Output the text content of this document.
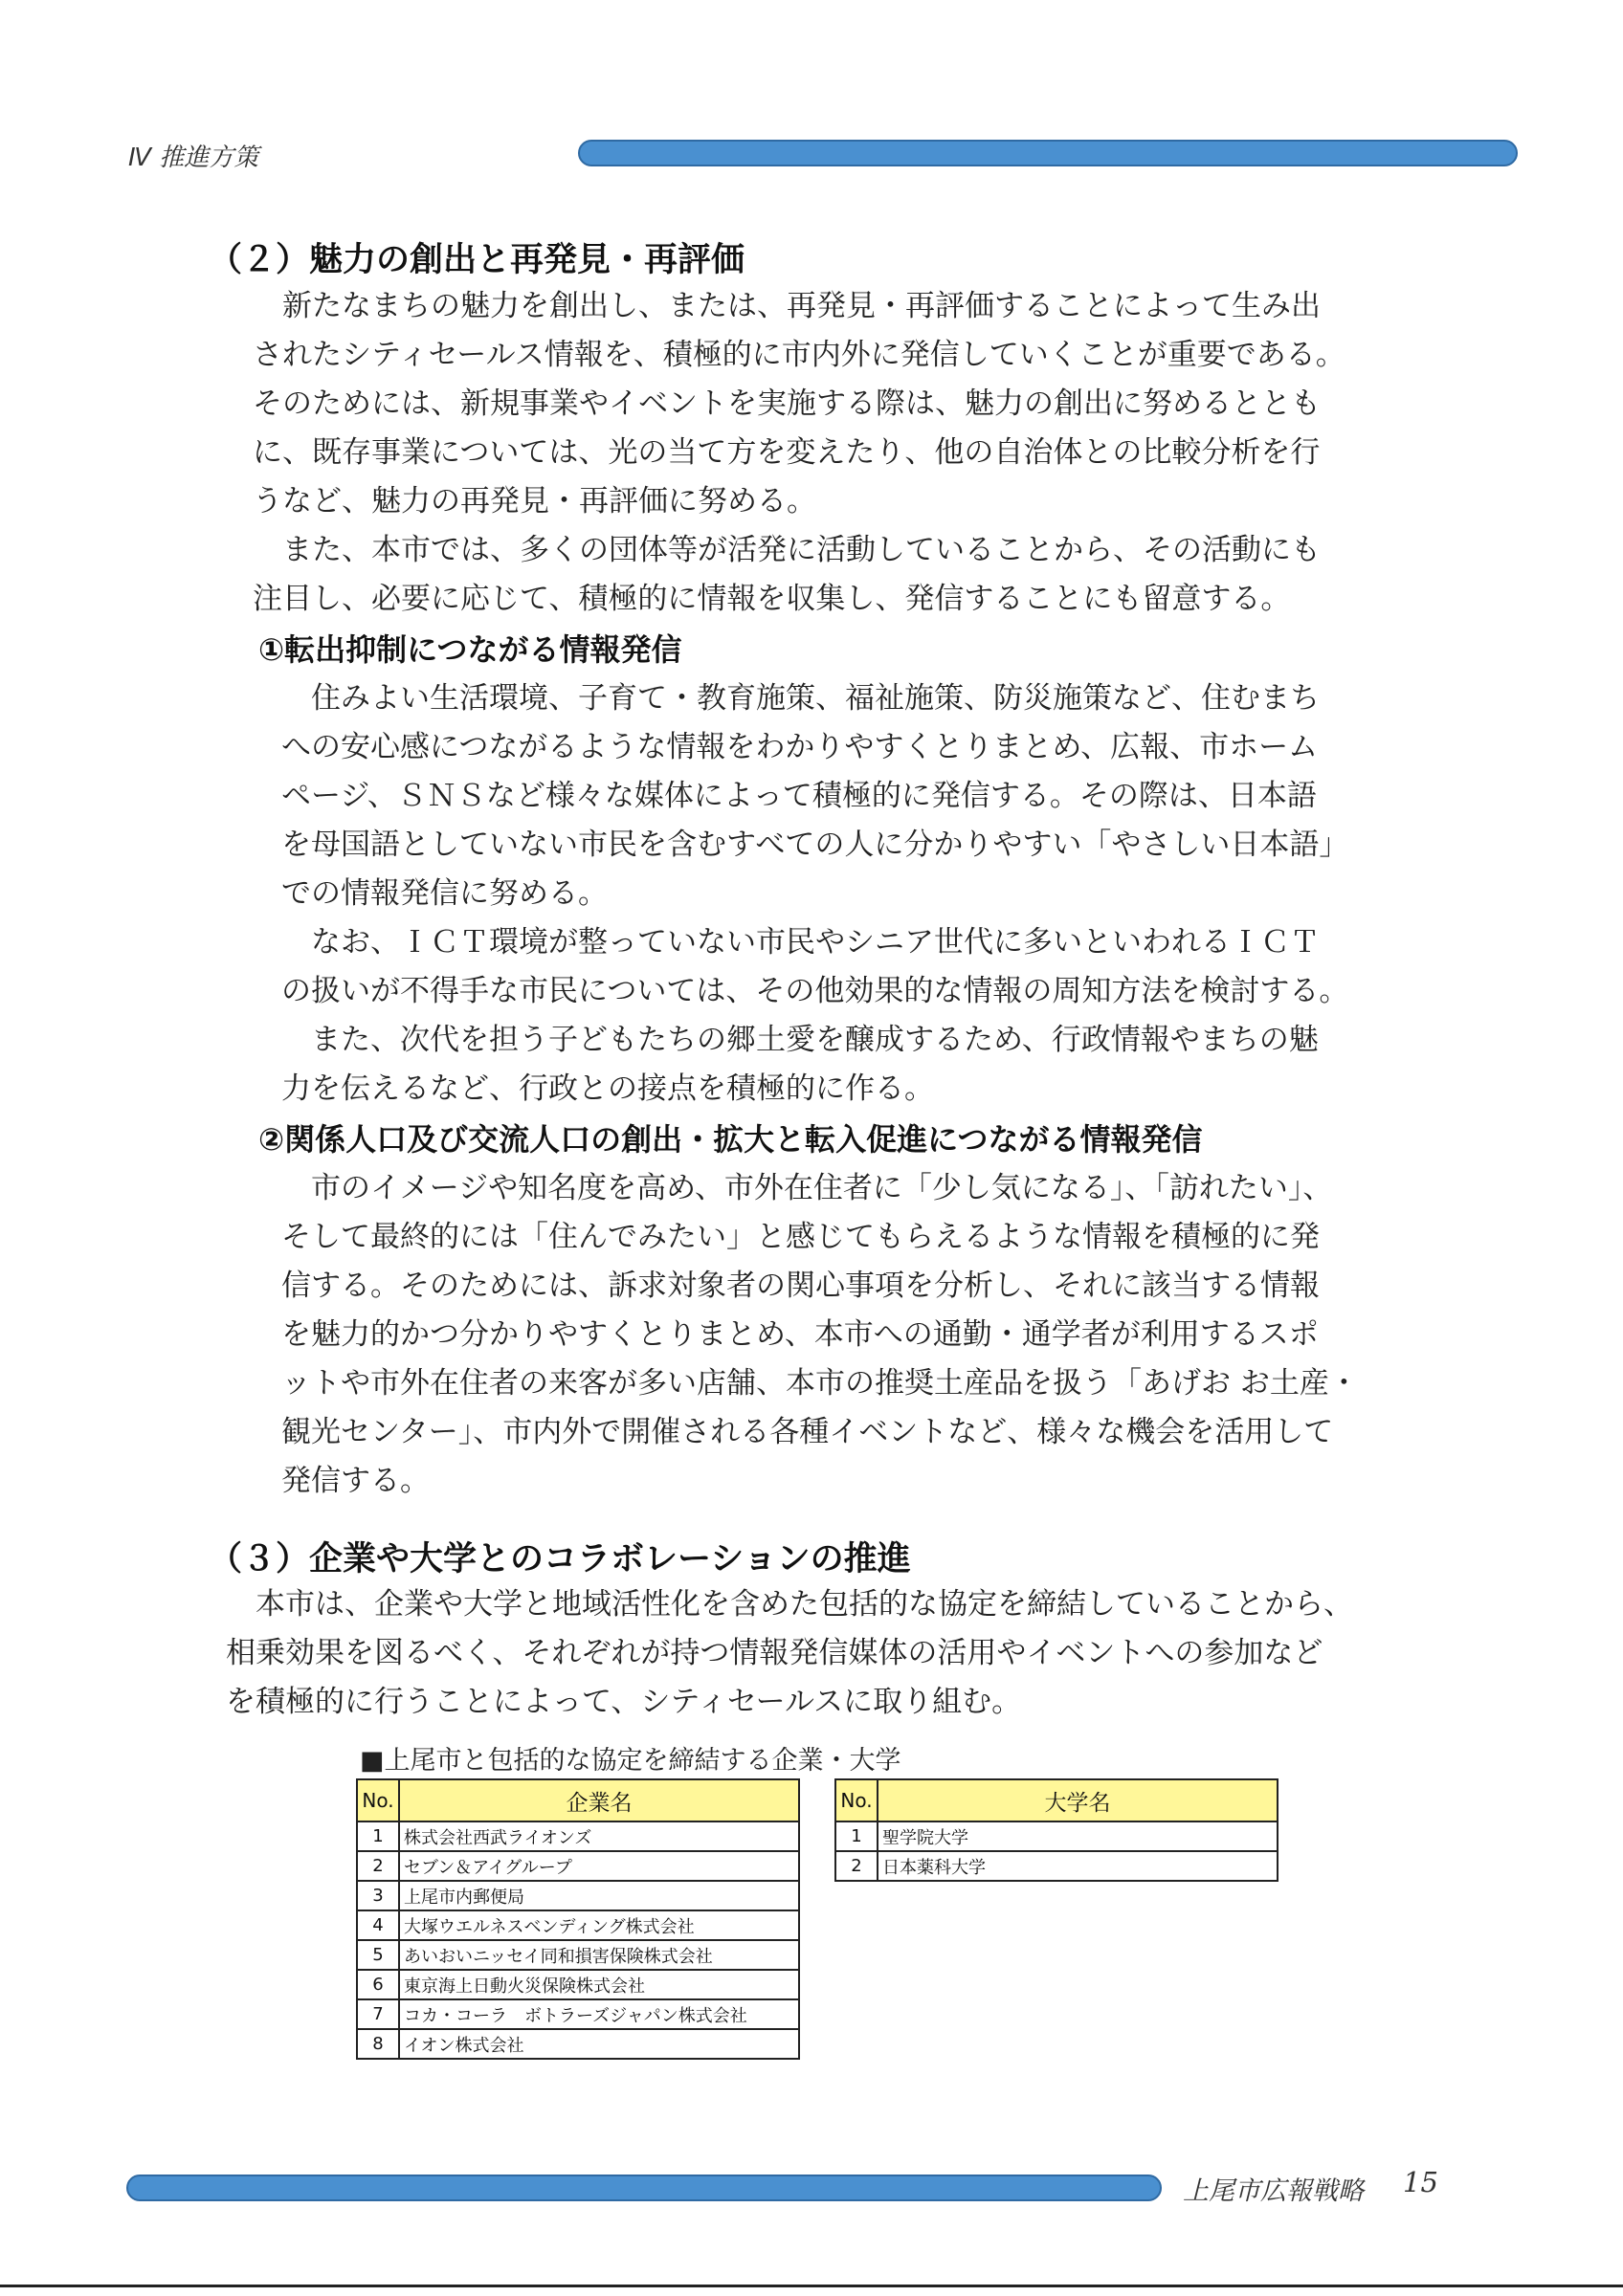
Ⅳ 推進方策
（２）魅力の創出と再発見・再評価
　新たなまちの魅力を創出し、または、再発見・再評価することによって生み出
されたシティセールス情報を、積極的に市内外に発信していくことが重要である。
そのためには、新規事業やイベントを実施する際は、魅力の創出に努めるととも
に、既存事業については、光の当て方を変えたり、他の自治体との比較分析を行
うなど、魅力の再発見・再評価に努める。
　また、本市では、多くの団体等が活発に活動していることから、その活動にも
注目し、必要に応じて、積極的に情報を収集し、発信することにも留意する。
①転出抑制につながる情報発信
　住みよい生活環境、子育て・教育施策、福祉施策、防災施策など、住むまち
への安心感につながるような情報をわかりやすくとりまとめ、広報、市ホーム
ページ、ＳＮＳなど様々な媒体によって積極的に発信する。その際は、日本語
を母国語としていない市民を含むすべての人に分かりやすい「やさしい日本語」
での情報発信に努める。
　なお、ＩＣＴ環境が整っていない市民やシニア世代に多いといわれるＩＣＴ
の扱いが不得手な市民については、その他効果的な情報の周知方法を検討する。
　また、次代を担う子どもたちの郷土愛を醸成するため、行政情報やまちの魅
力を伝えるなど、行政との接点を積極的に作る。
②関係人口及び交流人口の創出・拡大と転入促進につながる情報発信
　市のイメージや知名度を高め、市外在住者に「少し気になる」、「訪れたい」、
そして最終的には「住んでみたい」と感じてもらえるような情報を積極的に発
信する。そのためには、訴求対象者の関心事項を分析し、それに該当する情報
を魅力的かつ分かりやすくとりまとめ、本市への通勤・通学者が利用するスポ
ットや市外在住者の来客が多い店舗、本市の推奨土産品を扱う「あげお お土産・
観光センター」、市内外で開催される各種イベントなど、様々な機会を活用して
発信する。
（３）企業や大学とのコラボレーションの推進
　本市は、企業や大学と地域活性化を含めた包括的な協定を締結していることから、
相乗効果を図るべく、それぞれが持つ情報発信媒体の活用やイベントへの参加など
を積極的に行うことによって、シティセールスに取り組む。
■上尾市と包括的な協定を締結する企業・大学
No.	企業名
1	株式会社西武ライオンズ
2	セブン＆アイグループ
3	上尾市内郵便局
4	大塚ウエルネスベンディング株式会社
5	あいおいニッセイ同和損害保険株式会社
6	東京海上日動火災保険株式会社
7	コカ・コーラ　ボトラーズジャパン株式会社
8	イオン株式会社
No.	大学名
1	聖学院大学
2	日本薬科大学
上尾市広報戦略 15
